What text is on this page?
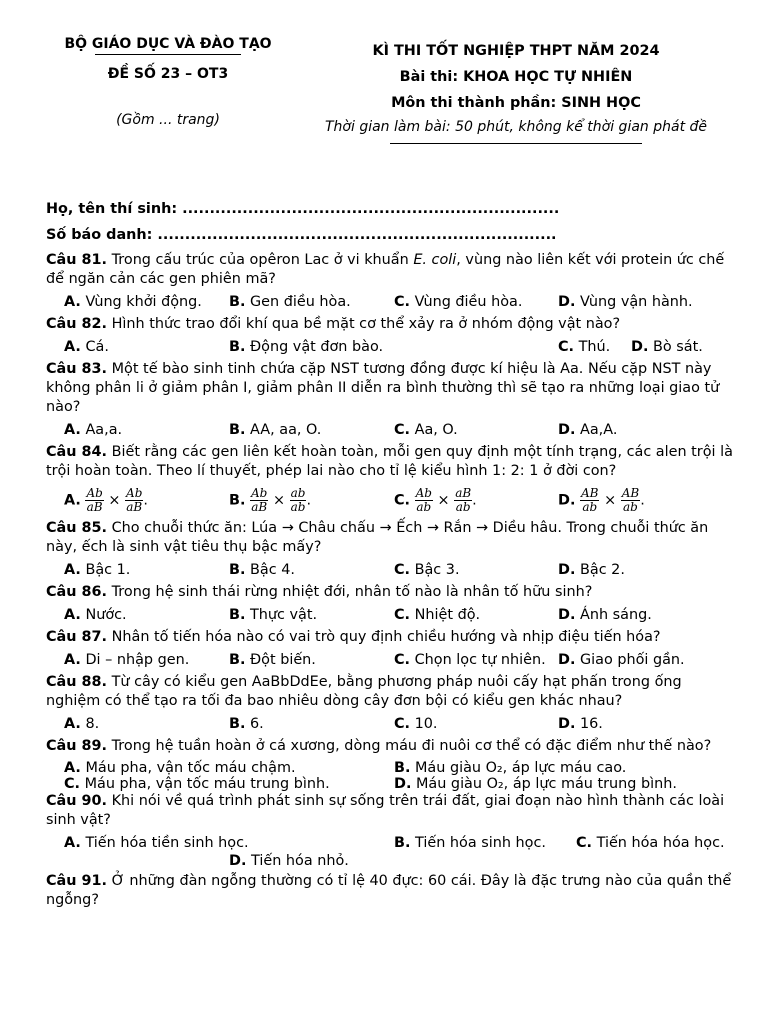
BỘ GIÁO DỤC VÀ ĐÀO TẠO
ĐỀ SỐ 23 – OT3
(Gồm ... trang)
KÌ THI TỐT NGHIỆP THPT NĂM 2024
Bài thi: KHOA HỌC TỰ NHIÊN
Môn thi thành phần: SINH HỌC
Thời gian làm bài: 50 phút, không kể thời gian phát đề
Họ, tên thí sinh: .....................................................................
Số báo danh: .........................................................................
Câu 81. Trong cấu trúc của opêron Lac ở vi khuẩn E. coli, vùng nào liên kết với protein ức chế để ngăn cản các gen phiên mã?
A. Vùng khởi động. B. Gen điều hòa.	C. Vùng điều hòa. D. Vùng vận hành.
Câu 82. Hình thức trao đổi khí qua bề mặt cơ thể xảy ra ở nhóm động vật nào?
A. Cá.	B. Động vật đơn bào.	C. Thú. D. Bò sát.
Câu 83. Một tế bào sinh tinh chứa cặp NST tương đồng được kí hiệu là Aa. Nếu cặp NST này không phân li ở giảm phân I, giảm phân II diễn ra bình thường thì sẽ tạo ra những loại giao tử nào?
A. Aa,a.	B. AA, aa, O.	C. Aa, O.	D. Aa,A.
Câu 84. Biết rằng các gen liên kết hoàn toàn, mỗi gen quy định một tính trạng, các alen trội là trội hoàn toàn. Theo lí thuyết, phép lai nào cho tỉ lệ kiểu hình 1: 2: 1 ở đời con?
A. $\frac{Ab}{aB} \times \frac{Ab}{aB}$ .	B. $\frac{Ab}{aB} \times \frac{ab}{ab}$ .	C. $\frac{Ab}{ab} \times \frac{aB}{ab}$ .	D. $\frac{AB}{ab} \times \frac{AB}{ab}$ .
Câu 85. Cho chuỗi thức ăn: Lúa → Châu chấu → Ếch → Rắn → Diều hâu. Trong chuỗi thức ăn này, ếch là sinh vật tiêu thụ bậc mấy?
A. Bậc 1.	B. Bậc 4.	C. Bậc 3.	D. Bậc 2.
Câu 86. Trong hệ sinh thái rừng nhiệt đới, nhân tố nào là nhân tố hữu sinh?
A. Nước.	B. Thực vật.	C. Nhiệt độ.	D. Ánh sáng.
Câu 87. Nhân tố tiến hóa nào có vai trò quy định chiều hướng và nhịp điệu tiến hóa?
A. Di – nhập gen.	B. Đột biến.	C. Chọn lọc tự nhiên. D. Giao phối gần.
Câu 88. Từ cây có kiểu gen AaBbDdEe, bằng phương pháp nuôi cấy hạt phấn trong ống nghiệm có thể tạo ra tối đa bao nhiêu dòng cây đơn bội có kiểu gen khác nhau?
A. 8.	B. 6.	C. 10.	D. 16.
Câu 89. Trong hệ tuần hoàn ở cá xương, dòng máu đi nuôi cơ thể có đặc điểm như thế nào?
A. Máu pha, vận tốc máu chậm.	B. Máu giàu O₂, áp lực máu cao.
C. Máu pha, vận tốc máu trung bình.	D. Máu giàu O₂, áp lực máu trung bình.
Câu 90. Khi nói về quá trình phát sinh sự sống trên trái đất, giai đoạn nào hình thành các loài sinh vật?
A. Tiến hóa tiền sinh học.	B. Tiến hóa sinh học. C. Tiến hóa hóa học.
D. Tiến hóa nhỏ.
Câu 91. Ở những đàn ngỗng thường có tỉ lệ 40 đực: 60 cái. Đây là đặc trưng nào của quần thể ngỗng?
